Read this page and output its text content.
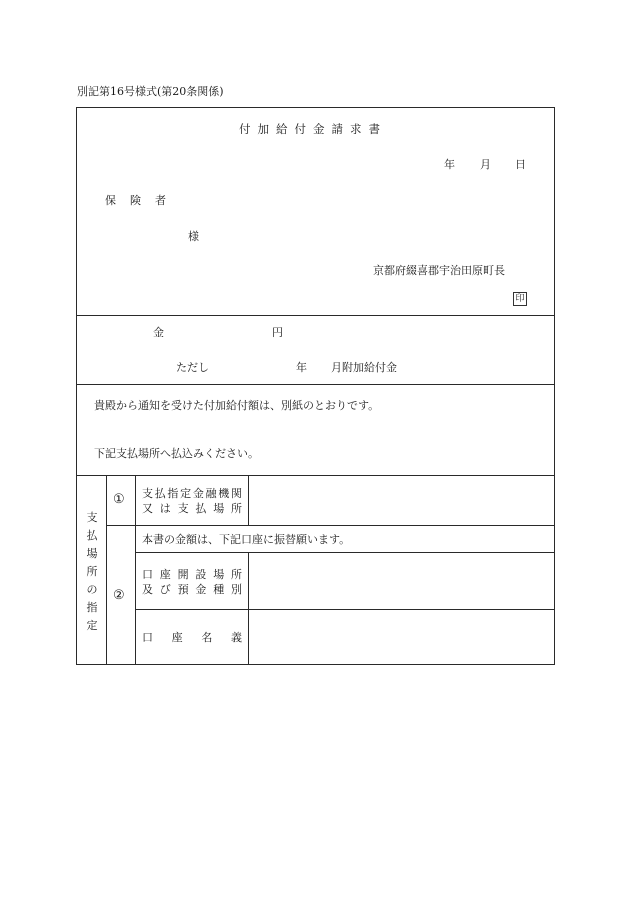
別記第16号様式(第20条関係)
付加給付金請求書
年 月 日
保険者
様
京都府綴喜郡宇治田原町長
印
金	円
ただし	年 月附加給付金
貴殿から通知を受けた付加給付額は、別紙のとおりです。
下記支払場所へ払込みください。
支
払
場
所
の
指
定
① 支払指定金融機関
又は支払場所
②
本書の金額は、下記口座に振替願います。
口座開設場所
及び預金種別
口座名義
